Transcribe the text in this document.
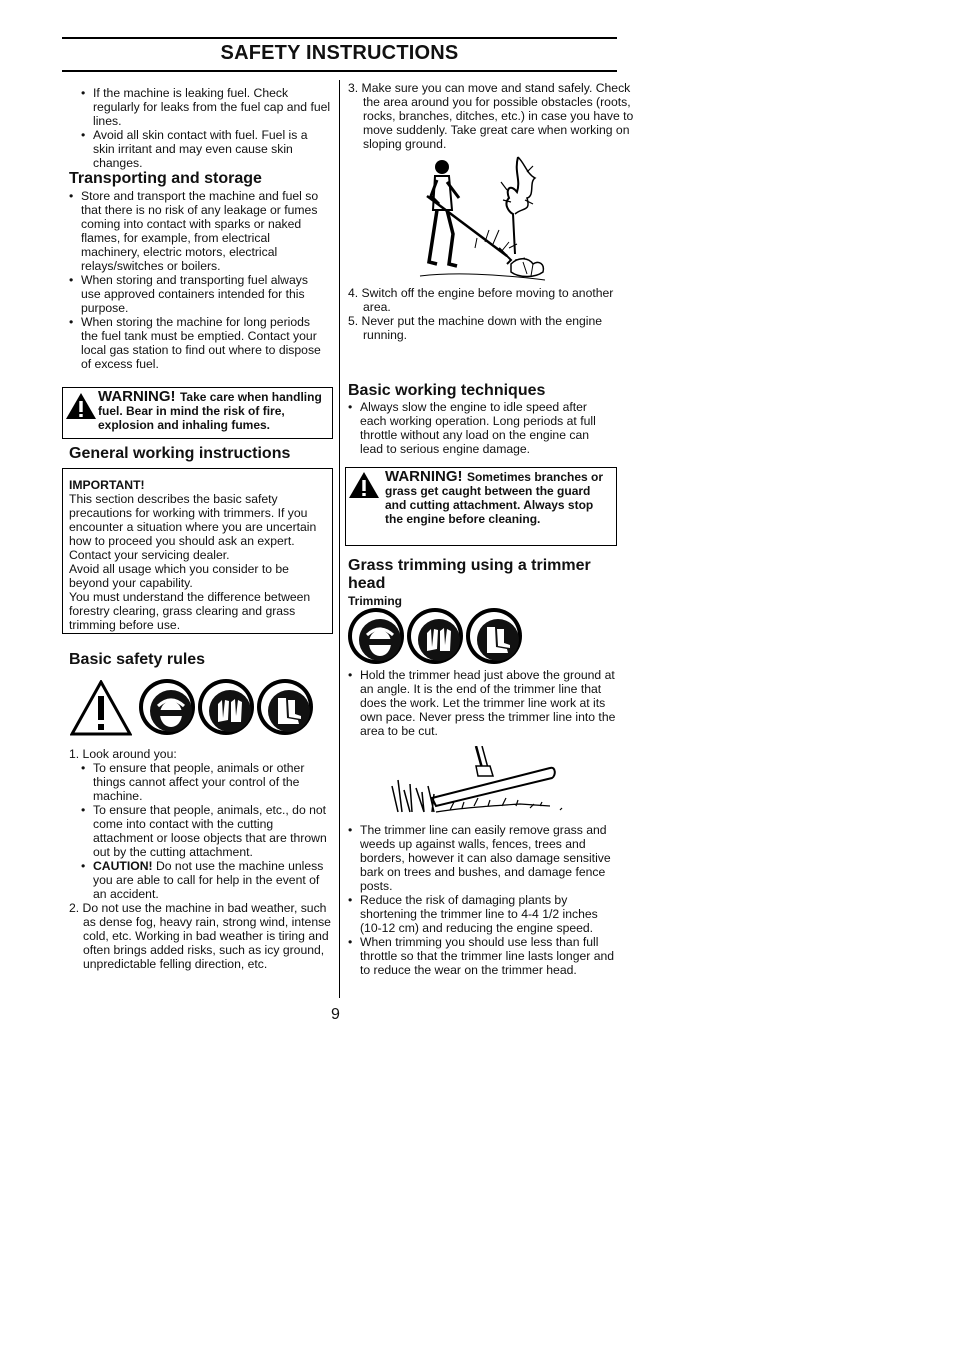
SAFETY INSTRUCTIONS
• If the machine is leaking fuel. Check regularly for leaks from the fuel cap and fuel lines.
• Avoid all skin contact with fuel. Fuel is a skin irritant and may even cause skin changes.
Transporting and storage
• Store and transport the machine and fuel so that there is no risk of any leakage or fumes coming into contact with sparks or naked flames, for example, from electrical machinery, electric motors, electrical relays/switches or boilers.
• When storing and transporting fuel always use approved containers intended for this purpose.
• When storing the machine for long periods the fuel tank must be emptied. Contact your local gas station to find out where to dispose of excess fuel.
WARNING! Take care when handling fuel. Bear in mind the risk of fire, explosion and inhaling fumes.
General working instructions
IMPORTANT!
This section describes the basic safety precautions for working with trimmers. If you encounter a situation where you are uncertain how to proceed you should ask an expert. Contact your servicing dealer.
Avoid all usage which you consider to be beyond your capability.
You must understand the difference between forestry clearing, grass clearing and grass trimming before use.
Basic safety rules
1. Look around you:
• To ensure that people, animals or other things cannot affect your control of the machine.
• To ensure that people, animals, etc., do not come into contact with the cutting attachment or loose objects that are thrown out by the cutting attachment.
• CAUTION! Do not use the machine unless you are able to call for help in the event of an accident.
2. Do not use the machine in bad weather, such as dense fog, heavy rain, strong wind, intense cold, etc. Working in bad weather is tiring and often brings added risks, such as icy ground, unpredictable felling direction, etc.
3. Make sure you can move and stand safely. Check the area around you for possible obstacles (roots, rocks, branches, ditches, etc.) in case you have to move suddenly. Take great care when working on sloping ground.
4. Switch off the engine before moving to another area.
5. Never put the machine down with the engine running.
Basic working techniques
• Always slow the engine to idle speed after each working operation. Long periods at full throttle without any load on the engine can lead to serious engine damage.
WARNING! Sometimes branches or grass get caught between the guard and cutting attachment. Always stop the engine before cleaning.
Grass trimming using a trimmer head
Trimming
• Hold the trimmer head just above the ground at an angle. It is the end of the trimmer line that does the work. Let the trimmer line work at its own pace. Never press the trimmer line into the area to be cut.
• The trimmer line can easily remove grass and weeds up against walls, fences, trees and borders, however it can also damage sensitive bark on trees and bushes, and damage fence posts.
• Reduce the risk of damaging plants by shortening the trimmer line to 4-4 1/2 inches (10-12 cm) and reducing the engine speed.
• When trimming you should use less than full throttle so that the trimmer line lasts longer and to reduce the wear on the trimmer head.
9
